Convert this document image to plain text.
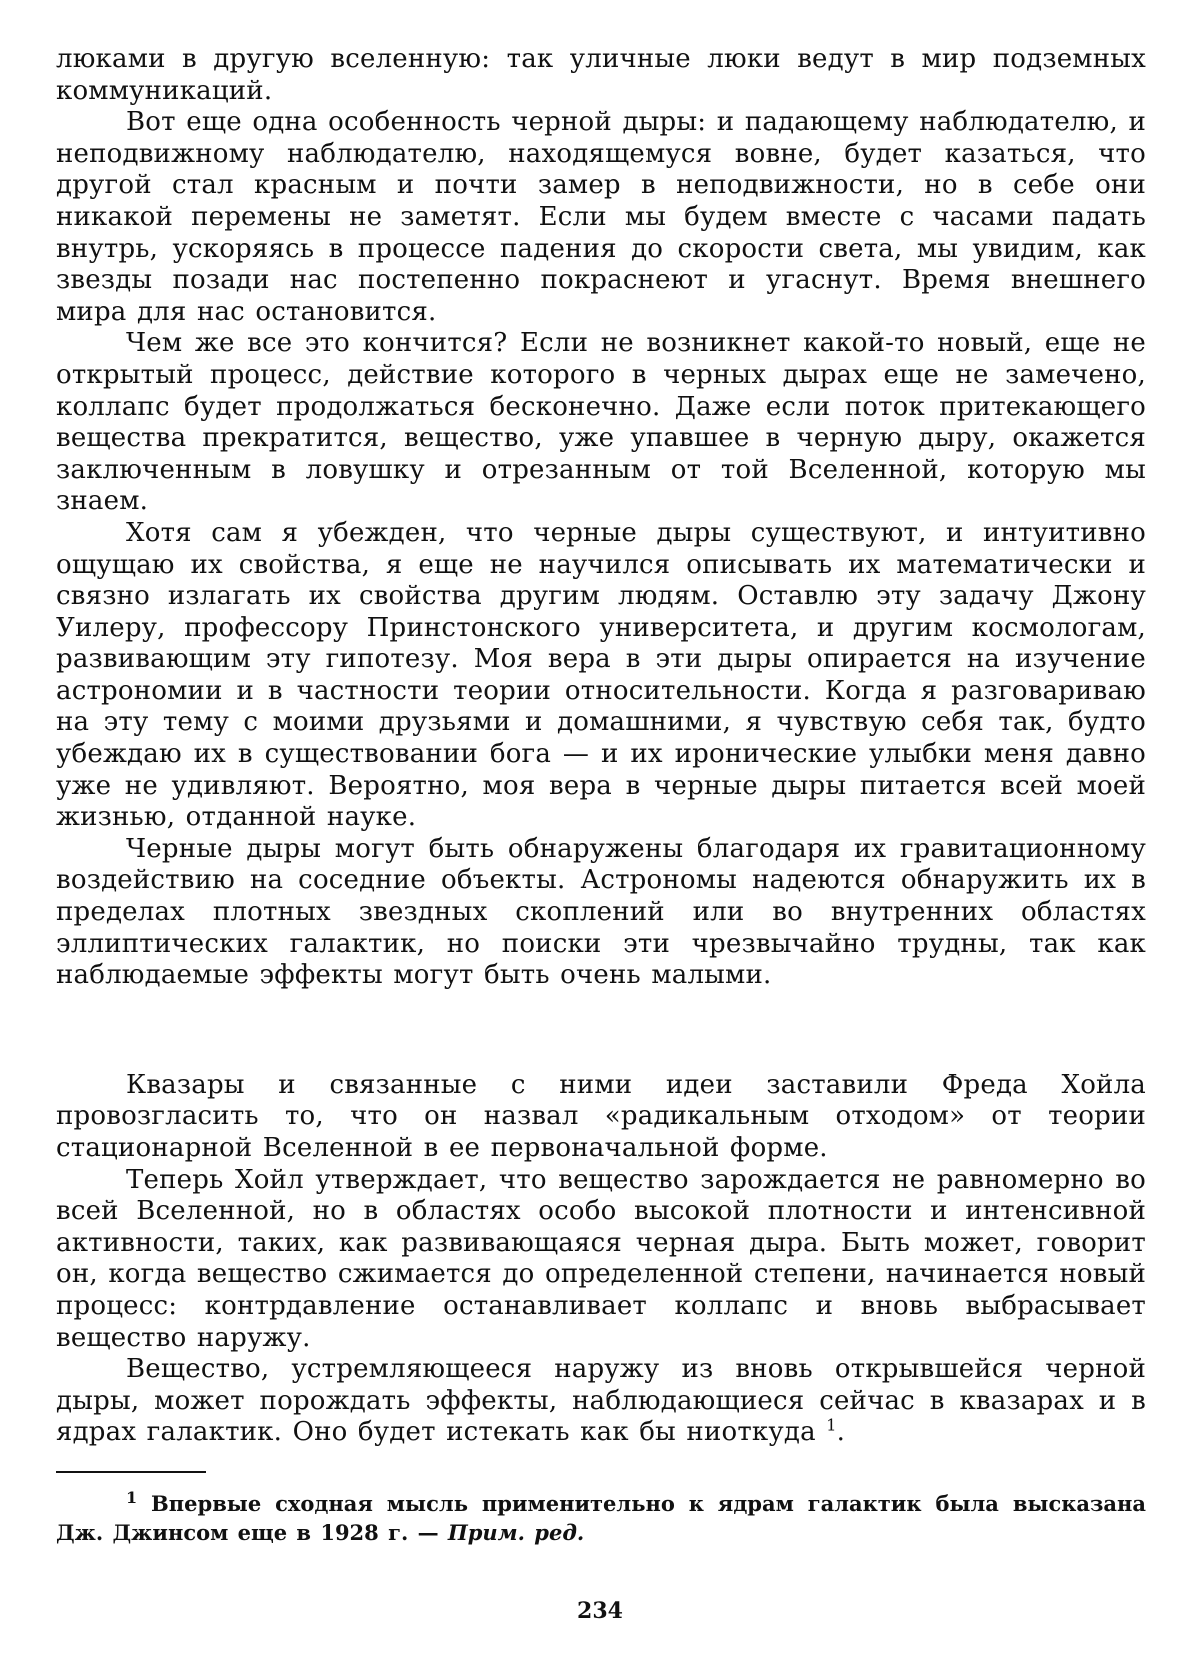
люками в другую вселенную: так уличные люки ведут в мир подземных коммуникаций.

Вот еще одна особенность черной дыры: и падающему наблюдателю, и неподвижному наблюдателю, находящемуся вовне, будет казаться, что другой стал красным и почти замер в неподвижности, но в себе они никакой перемены не заметят. Если мы будем вместе с часами падать внутрь, ускоряясь в процессе падения до скорости света, мы увидим, как звезды позади нас постепенно покраснеют и угаснут. Время внешнего мира для нас остановится.

Чем же все это кончится? Если не возникнет какой-то новый, еще не открытый процесс, действие которого в черных дырах еще не замечено, коллапс будет продолжаться бесконечно. Даже если поток притекающего вещества прекратится, вещество, уже упавшее в черную дыру, окажется заключенным в ловушку и отрезанным от той Вселенной, которую мы знаем.

Хотя сам я убежден, что черные дыры существуют, и интуитивно ощущаю их свойства, я еще не научился описывать их математически и связно излагать их свойства другим людям. Оставлю эту задачу Джону Уилеру, профессору Принстонского университета, и другим космологам, развивающим эту гипотезу. Моя вера в эти дыры опирается на изучение астрономии и в частности теории относительности. Когда я разговариваю на эту тему с моими друзьями и домашними, я чувствую себя так, будто убеждаю их в существовании бога — и их иронические улыбки меня давно уже не удивляют. Вероятно, моя вера в черные дыры питается всей моей жизнью, отданной науке.

Черные дыры могут быть обнаружены благодаря их гравитационному воздействию на соседние объекты. Астрономы надеются обнаружить их в пределах плотных звездных скоплений или во внутренних областях эллиптических галактик, но поиски эти чрезвычайно трудны, так как наблюдаемые эффекты могут быть очень малыми.

Квазары и связанные с ними идеи заставили Фреда Хойла провозгласить то, что он назвал «радикальным отходом» от теории стационарной Вселенной в ее первоначальной форме.

Теперь Хойл утверждает, что вещество зарождается не равномерно во всей Вселенной, но в областях особо высокой плотности и интенсивной активности, таких, как развивающаяся черная дыра. Быть может, говорит он, когда вещество сжимается до определенной степени, начинается новый процесс: контрдавление останавливает коллапс и вновь выбрасывает вещество наружу.

Вещество, устремляющееся наружу из вновь открывшейся черной дыры, может порождать эффекты, наблюдающиеся сейчас в квазарах и в ядрах галактик. Оно будет истекать как бы ниоткуда $^1$.

$^1$ Впервые сходная мысль применительно к ядрам галактик была высказана Дж. Джинсом еще в 1928 г. — Прим. ред.

234
